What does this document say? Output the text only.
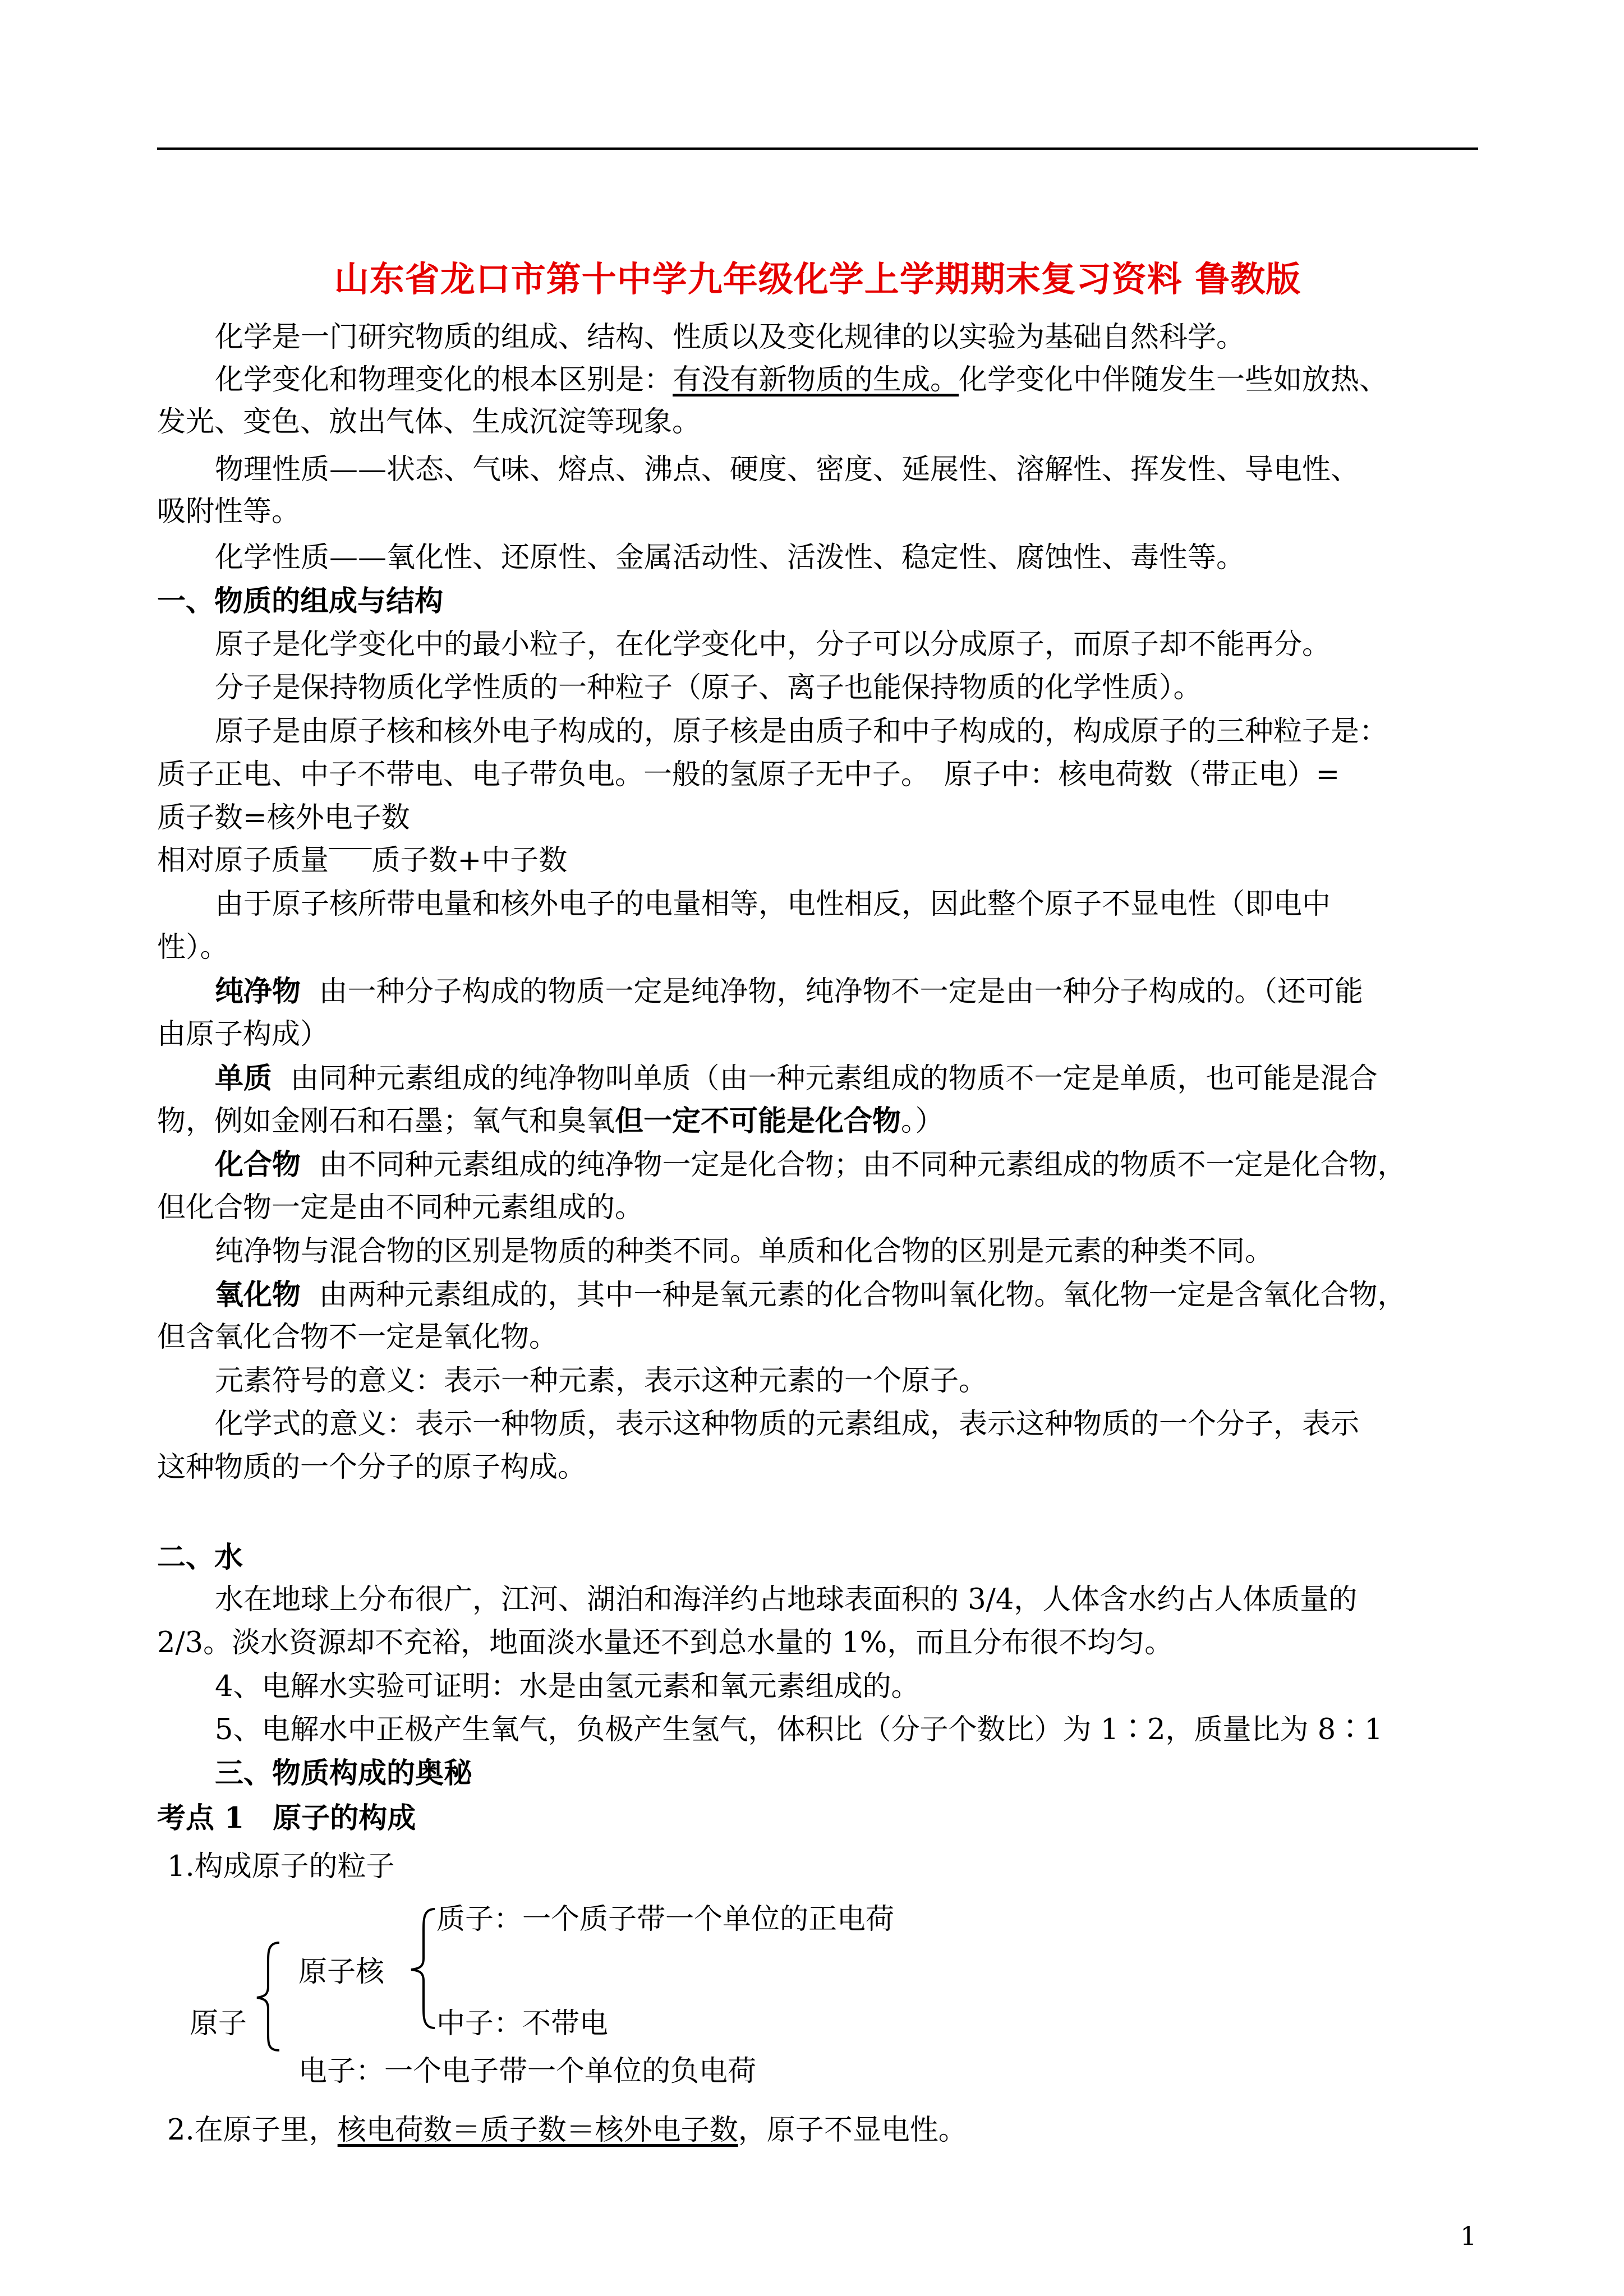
山东省龙口市第十中学九年级化学上学期期末复习资料 鲁教版
化学是一门研究物质的组成、结构、性质以及变化规律的以实验为基础自然科学。
化学变化和物理变化的根本区别是：有没有新物质的生成。化学变化中伴随发生一些如放热、
发光、变色、放出气体、生成沉淀等现象。
物理性质——状态、气味、熔点、沸点、硬度、密度、延展性、溶解性、挥发性、导电性、
吸附性等。
化学性质——氧化性、还原性、金属活动性、活泼性、稳定性、腐蚀性、毒性等。
一、物质的组成与结构
原子是化学变化中的最小粒子，在化学变化中，分子可以分成原子，而原子却不能再分。
分子是保持物质化学性质的一种粒子（原子、离子也能保持物质的化学性质）。
原子是由原子核和核外电子构成的，原子核是由质子和中子构成的，构成原子的三种粒子是：
质子正电、中子不带电、电子带负电。一般的氢原子无中子。　原子中：核电荷数（带正电）=
质子数=核外电子数
相对原子质量‾‾‾质子数+中子数
由于原子核所带电量和核外电子的电量相等，电性相反，因此整个原子不显电性（即电中
性）。
纯净物 由一种分子构成的物质一定是纯净物，纯净物不一定是由一种分子构成的。（还可能
由原子构成）
单质 由同种元素组成的纯净物叫单质（由一种元素组成的物质不一定是单质，也可能是混合
物，例如金刚石和石墨；氧气和臭氧但一定不可能是化合物。）
化合物 由不同种元素组成的纯净物一定是化合物；由不同种元素组成的物质不一定是化合物，
但化合物一定是由不同种元素组成的。
纯净物与混合物的区别是物质的种类不同。单质和化合物的区别是元素的种类不同。
氧化物 由两种元素组成的，其中一种是氧元素的化合物叫氧化物。氧化物一定是含氧化合物，
但含氧化合物不一定是氧化物。
元素符号的意义：表示一种元素，表示这种元素的一个原子。
化学式的意义：表示一种物质，表示这种物质的元素组成，表示这种物质的一个分子，表示
这种物质的一个分子的原子构成。
二、水
水在地球上分布很广，江河、湖泊和海洋约占地球表面积的 3/4，人体含水约占人体质量的
2/3。淡水资源却不充裕，地面淡水量还不到总水量的 1%，而且分布很不均匀。
4、电解水实验可证明：水是由氢元素和氧元素组成的。
5、电解水中正极产生氧气，负极产生氢气，体积比（分子个数比）为 1∶2，质量比为 8∶1
三、物质构成的奥秘
考点 1　原子的构成
1.构成原子的粒子
质子：一个质子带一个单位的正电荷
原子核
原子	中子：不带电
电子：一个电子带一个单位的负电荷
2.在原子里，核电荷数＝质子数＝核外电子数，原子不显电性。
1
